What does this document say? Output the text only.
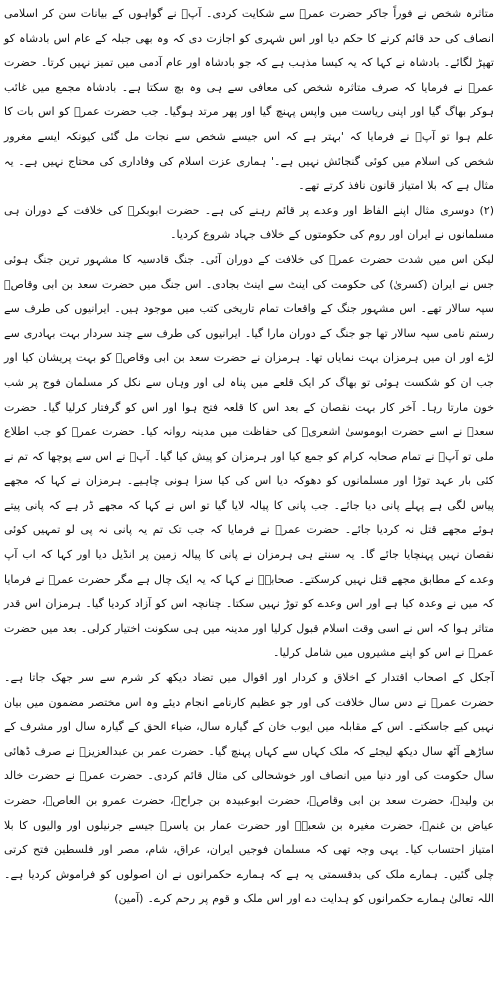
متاثرہ شخص نے فوراً جاکر حضرت عمرؓ سے شکایت کردی۔ آپؓ نے گواہوں کے بیانات سن کر اسلامی انصاف کی حد قائم کرنے کا حکم دیا اور اس شہری کو اجازت دی کہ وہ بھی جبلہ کے عام اس بادشاہ کو تھپڑ لگائے۔ بادشاہ نے کہا کہ یہ کیسا مذہب ہے کہ جو بادشاہ اور عام آدمی میں تمیز نہیں کرتا۔ حضرت عمرؓ نے فرمایا کہ صرف متاثرہ شخص کی معافی سے ہی وہ بچ سکتا ہے۔ بادشاہ مجمع میں غائب ہوکر بھاگ گیا اور اپنی ریاست میں واپس پہنچ گیا اور پھر مرتد ہوگیا۔ جب حضرت عمرؓ کو اس بات کا علم ہوا تو آپؓ نے فرمایا کہ 'بہتر ہے کہ اس جیسے شخص سے نجات مل گئی کیونکہ ایسے مغرور شخص کی اسلام میں کوئی گنجائش نہیں ہے۔' ہماری عزت اسلام کی وفاداری کی محتاج نہیں ہے۔ یہ مثال ہے کہ بلا امتیاز قانون نافذ کرتے تھے۔

(۲) دوسری مثال اپنے الفاظ اور وعدے پر قائم رہنے کی ہے۔ حضرت ابوبکرؓ کی خلافت کے دوران ہی مسلمانوں نے ایران اور روم کی حکومتوں کے خلاف جہاد شروع کردیا۔

لیکن اس میں شدت حضرت عمرؓ کی خلافت کے دوران آئی۔ جنگ قادسیہ کا مشہور ترین جنگ ہوئی جس نے ایران (کسریٰ) کی حکومت کی اینٹ سے اینٹ بجادی۔ اس جنگ میں حضرت سعد بن ابی وقاصؓ سپہ سالار تھے۔ اس مشہور جنگ کے واقعات تمام تاریخی کتب میں موجود ہیں۔ ایرانیوں کی طرف سے رستم نامی سپہ سالار تھا جو جنگ کے دوران مارا گیا۔ ایرانیوں کی طرف سے چند سردار بہت بہادری سے لڑے اور ان میں ہرمزان بہت نمایاں تھا۔ ہرمزان نے حضرت سعد بن ابی وقاصؓ کو بہت پریشان کیا اور جب ان کو شکست ہوئی تو بھاگ کر ایک قلعے میں پناہ لی اور وہاں سے نکل کر مسلمان فوج پر شب خون مارتا رہا۔ آخر کار بہت نقصان کے بعد اس کا قلعہ فتح ہوا اور اس کو گرفتار کرلیا گیا۔ حضرت سعدؓ نے اسے حضرت ابوموسیٰ اشعریؓ کی حفاظت میں مدینہ روانہ کیا۔ حضرت عمرؓ کو جب اطلاع ملی تو آپؓ نے تمام صحابہ کرام کو جمع کیا اور ہرمزان کو پیش کیا گیا۔ آپؓ نے اس سے پوچھا کہ تم نے کئی بار عہد توڑا اور مسلمانوں کو دھوکہ دیا اس کی کیا سزا ہونی چاہیے۔ ہرمزان نے کہا کہ مجھے پیاس لگی ہے پہلے پانی دیا جائے۔ جب پانی کا پیالہ لایا گیا تو اس نے کہا کہ مجھے ڈر ہے کہ پانی پیتے ہوئے مجھے قتل نہ کردیا جائے۔ حضرت عمرؓ نے فرمایا کہ جب تک تم یہ پانی نہ پی لو تمہیں کوئی نقصان نہیں پہنچایا جائے گا۔ یہ سنتے ہی ہرمزان نے پانی کا پیالہ زمین پر انڈیل دیا اور کہا کہ اب آپ وعدے کے مطابق مجھے قتل نہیں کرسکتے۔ صحابہؓ نے کہا کہ یہ ایک چال ہے مگر حضرت عمرؓ نے فرمایا کہ میں نے وعدہ کیا ہے اور اس وعدے کو توڑ نہیں سکتا۔ چنانچہ اس کو آزاد کردیا گیا۔ ہرمزان اس قدر متاثر ہوا کہ اس نے اسی وقت اسلام قبول کرلیا اور مدینہ میں ہی سکونت اختیار کرلی۔ بعد میں حضرت عمرؓ نے اس کو اپنے مشیروں میں شامل کرلیا۔

آجکل کے اصحاب اقتدار کے اخلاق و کردار اور اقوال میں تضاد دیکھ کر شرم سے سر جھک جاتا ہے۔ حضرت عمرؓ نے دس سال خلافت کی اور جو عظیم کارنامے انجام دیئے وہ اس مختصر مضمون میں بیان نہیں کیے جاسکتے۔ اس کے مقابلہ میں ایوب خان کے گیارہ سال، ضیاء الحق کے گیارہ سال اور مشرف کے ساڑھے آٹھ سال دیکھ لیجئے کہ ملک کہاں سے کہاں پہنچ گیا۔ حضرت عمر بن عبدالعزیزؒ نے صرف ڈھائی سال حکومت کی اور دنیا میں انصاف اور خوشحالی کی مثال قائم کردی۔ حضرت عمرؓ نے حضرت خالد بن ولیدؓ، حضرت سعد بن ابی وقاصؓ، حضرت ابوعبیدہ بن جراحؓ، حضرت عمرو بن العاصؓ، حضرت عیاض بن غنمؓ، حضرت مغیرہ بن شعبہؓ اور حضرت عمار بن یاسرؓ جیسے جرنیلوں اور والیوں کا بلا امتیاز احتساب کیا۔ یہی وجہ تھی کہ مسلمان فوجیں ایران، عراق، شام، مصر اور فلسطین فتح کرتی چلی گئیں۔ ہمارے ملک کی بدقسمتی یہ ہے کہ ہمارے حکمرانوں نے ان اصولوں کو فراموش کردیا ہے۔ اللہ تعالیٰ ہمارے حکمرانوں کو ہدایت دے اور اس ملک و قوم پر رحم کرے۔ (آمین)
